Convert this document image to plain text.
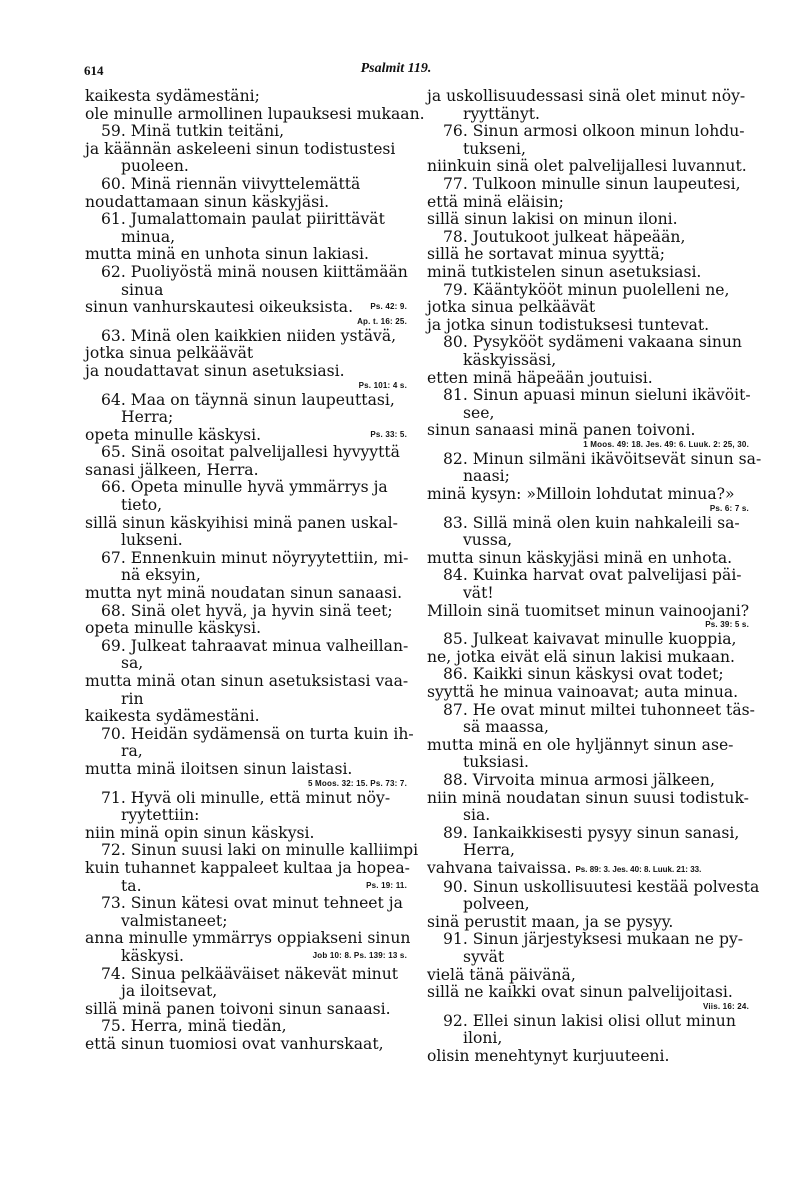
614	Psalmit 119.
kaikesta sydämestäni;
ole minulle armollinen lupauksesi mukaan.
59. Minä tutkin teitäni,
ja käännän askeleeni sinun todistustesi
puoleen.
60. Minä riennän viivyttelemättä
noudattamaan sinun käskyjäsi.
61. Jumalattomain paulat piirittävät
minua,
mutta minä en unhota sinun lakiasi.
62. Puoliyöstä minä nousen kiittämään
sinua
sinun vanhurskautesi oikeuksista. Ps. 42: 9.
Ap. t. 16: 25.
63. Minä olen kaikkien niiden ystävä,
jotka sinua pelkäävät
ja noudattavat sinun asetuksiasi.
Ps. 101: 4 s.
64. Maa on täynnä sinun laupeuttasi,
Herra;
opeta minulle käskysi.	Ps. 33: 5.
65. Sinä osoitat palvelijallesi hyvyyttä
sanasi jälkeen, Herra.
66. Opeta minulle hyvä ymmärrys ja
tieto,
sillä sinun käskyihisi minä panen uskal-
lukseni.
67. Ennenkuin minut nöyryytettiin, mi-
nä eksyin,
mutta nyt minä noudatan sinun sanaasi.
68. Sinä olet hyvä, ja hyvin sinä teet;
opeta minulle käskysi.
69. Julkeat tahraavat minua valheillan-
sa,
mutta minä otan sinun asetuksistasi vaa-
rin
kaikesta sydämestäni.
70. Heidän sydämensä on turta kuin ih-
ra,
mutta minä iloitsen sinun laistasi.
5 Moos. 32: 15. Ps. 73: 7.
71. Hyvä oli minulle, että minut nöy-
ryytettiin:
niin minä opin sinun käskysi.
72. Sinun suusi laki on minulle kalliimpi
kuin tuhannet kappaleet kultaa ja hopea-
ta.	Ps. 19: 11.
73. Sinun kätesi ovat minut tehneet ja
valmistaneet;
anna minulle ymmärrys oppiakseni sinun
käskysi.	Job 10: 8. Ps. 139: 13 s.
74. Sinua pelkääväiset näkevät minut
ja iloitsevat,
sillä minä panen toivoni sinun sanaasi.
75. Herra, minä tiedän,
että sinun tuomiosi ovat vanhurskaat,
ja uskollisuudessasi sinä olet minut nöy-
ryyttänyt.
76. Sinun armosi olkoon minun lohdu-
tukseni,
niinkuin sinä olet palvelijallesi luvannut.
77. Tulkoon minulle sinun laupeutesi,
että minä eläisin;
sillä sinun lakisi on minun iloni.
78. Joutukoot julkeat häpeään,
sillä he sortavat minua syyttä;
minä tutkistelen sinun asetuksiasi.
79. Kääntykööt minun puolelleni ne,
jotka sinua pelkäävät
ja jotka sinun todistuksesi tuntevat.
80. Pysykööt sydämeni vakaana sinun
käskyissäsi,
etten minä häpeään joutuisi.
81. Sinun apuasi minun sieluni ikävöit-
see,
sinun sanaasi minä panen toivoni.
1 Moos. 49: 18. Jes. 49: 6. Luuk. 2: 25, 30.
82. Minun silmäni ikävöitsevät sinun sa-
naasi;
minä kysyn: »Milloin lohdutat minua?»
Ps. 6: 7 s.
83. Sillä minä olen kuin nahkaleili sa-
vussa,
mutta sinun käskyjäsi minä en unhota.
84. Kuinka harvat ovat palvelijasi päi-
vät!
Milloin sinä tuomitset minun vainoojani?
Ps. 39: 5 s.
85. Julkeat kaivavat minulle kuoppia,
ne, jotka eivät elä sinun lakisi mukaan.
86. Kaikki sinun käskysi ovat todet;
syyttä he minua vainoavat; auta minua.
87. He ovat minut miltei tuhonneet täs-
sä maassa,
mutta minä en ole hyljännyt sinun ase-
tuksiasi.
88. Virvoita minua armosi jälkeen,
niin minä noudatan sinun suusi todistuk-
sia.
89. Iankaikkisesti pysyy sinun sanasi,
Herra,
vahvana taivaissa. Ps. 89: 3. Jes. 40: 8. Luuk. 21: 33.
90. Sinun uskollisuutesi kestää polvesta
polveen,
sinä perustit maan, ja se pysyy.
91. Sinun järjestyksesi mukaan ne py-
syvät
vielä tänä päivänä,
sillä ne kaikki ovat sinun palvelijoitasi.
Viis. 16: 24.
92. Ellei sinun lakisi olisi ollut minun
iloni,
olisin menehtynyt kurjuuteeni.
